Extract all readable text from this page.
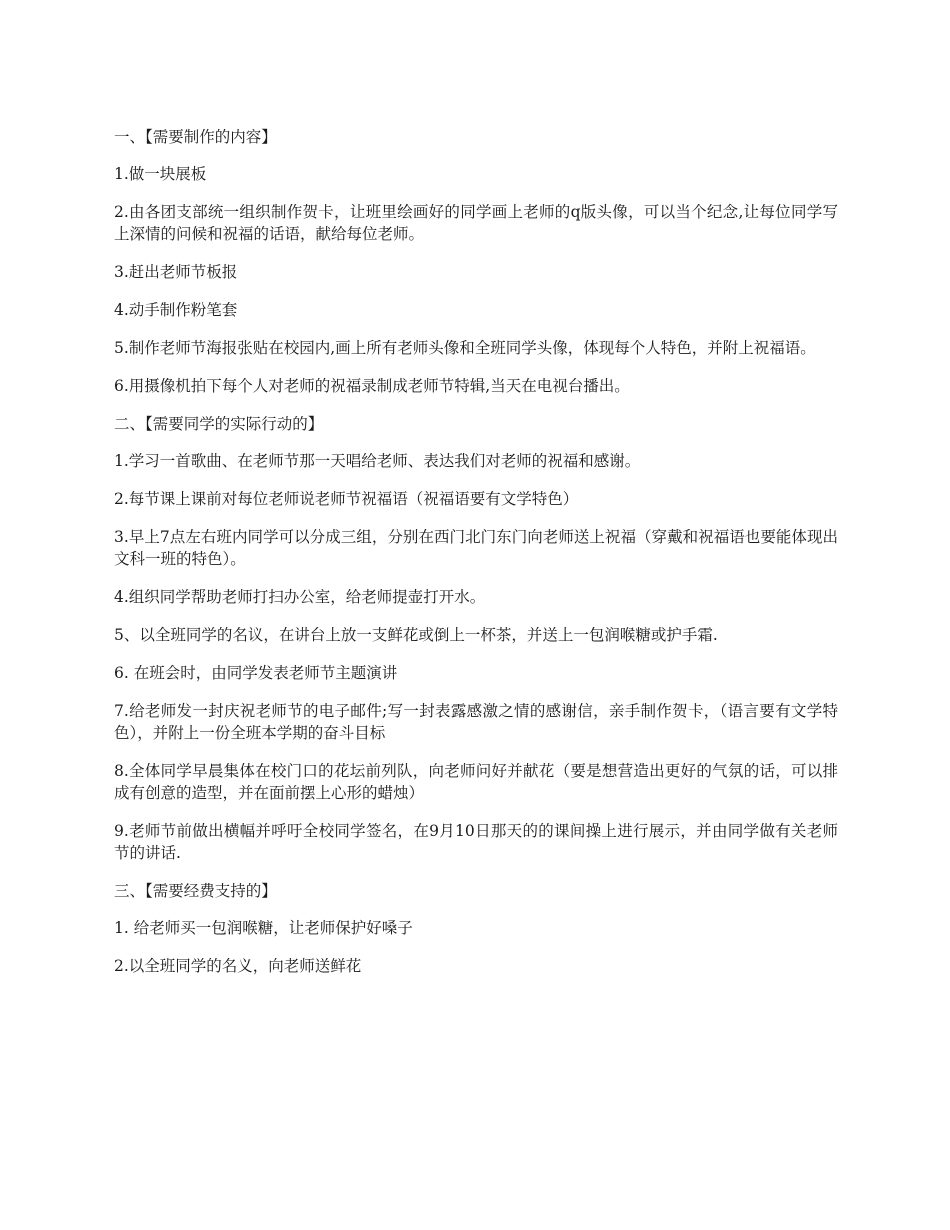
一、【需要制作的内容】

1.做一块展板

2.由各团支部统一组织制作贺卡，让班里绘画好的同学画上老师的q版头像，可以当个纪念,让每位同学写上深情的问候和祝福的话语，献给每位老师。

3.赶出老师节板报

4.动手制作粉笔套

5.制作老师节海报张贴在校园内,画上所有老师头像和全班同学头像，体现每个人特色，并附上祝福语。

6.用摄像机拍下每个人对老师的祝福录制成老师节特辑,当天在电视台播出。

二、【需要同学的实际行动的】

1.学习一首歌曲、在老师节那一天唱给老师、表达我们对老师的祝福和感谢。

2.每节课上课前对每位老师说老师节祝福语（祝福语要有文学特色）

3.早上7点左右班内同学可以分成三组，分别在西门北门东门向老师送上祝福（穿戴和祝福语也要能体现出文科一班的特色）。

4.组织同学帮助老师打扫办公室，给老师提壶打开水。

5、以全班同学的名议，在讲台上放一支鲜花或倒上一杯茶，并送上一包润喉糖或护手霜.

6. 在班会时，由同学发表老师节主题演讲

7.给老师发一封庆祝老师节的电子邮件;写一封表露感激之情的感谢信，亲手制作贺卡，（语言要有文学特色），并附上一份全班本学期的奋斗目标

8.全体同学早晨集体在校门口的花坛前列队，向老师问好并献花（要是想营造出更好的气氛的话，可以排成有创意的造型，并在面前摆上心形的蜡烛）

9.老师节前做出横幅并呼吁全校同学签名，在9月10日那天的的课间操上进行展示，并由同学做有关老师节的讲话.

三、【需要经费支持的】

1. 给老师买一包润喉糖，让老师保护好嗓子

2.以全班同学的名义，向老师送鲜花
